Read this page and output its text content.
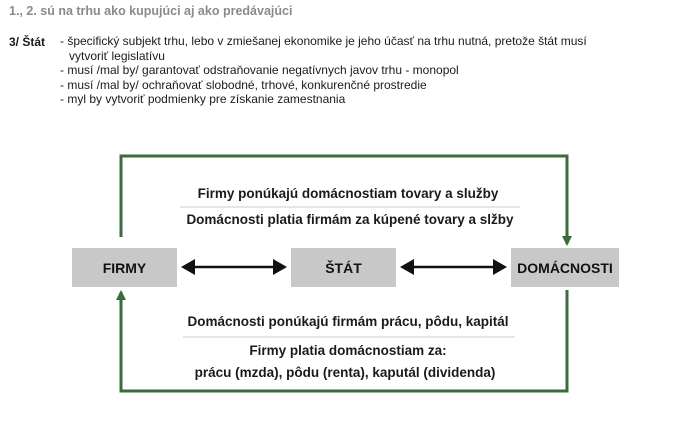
1., 2. sú na trhu ako kupujúci aj ako predávajúci
3/ Štát - špecifický subjekt trhu, lebo v zmiešanej ekonomike je jeho účasť na trhu nutná, pretože štát musí
vytvoriť legislatívu
- musí /mal by/ garantovať odstraňovanie negatívnych javov trhu - monopol
- musí /mal by/ ochraňovať slobodné, trhové, konkurenčné prostredie
- myl by vytvoriť podmienky pre získanie zamestnania
FIRMY	ŠTÁT	DOMÁCNOSTI
Firmy ponúkajú domácnostiam tovary a služby
Domácnosti platia firmám za kúpené tovary a slžby
Domácnosti ponúkajú firmám prácu, pôdu, kapitál
Firmy platia domácnostiam za:
prácu (mzda), pôdu (renta), kaputál (dividenda)
